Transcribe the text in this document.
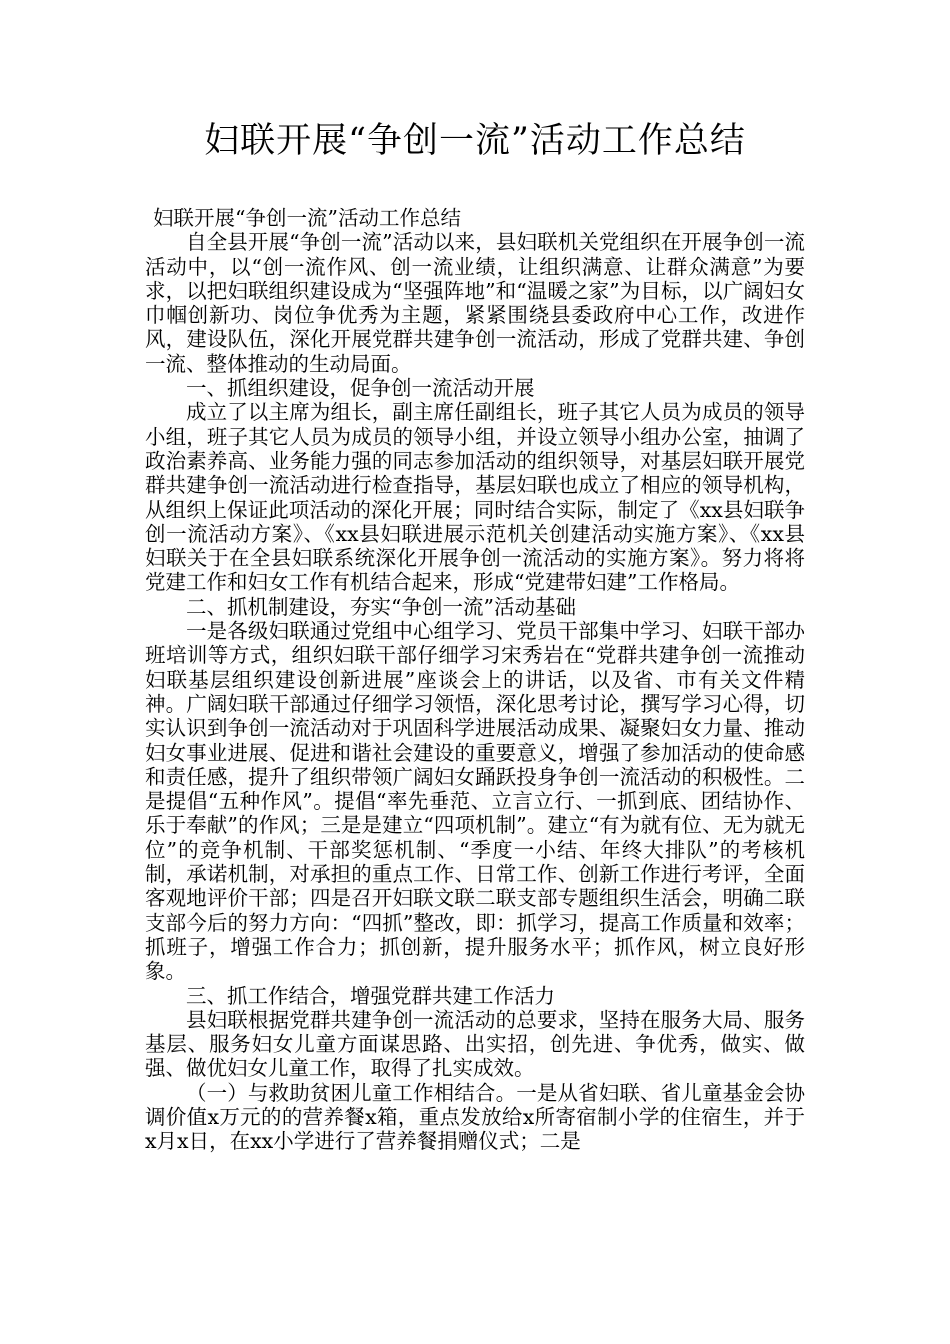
妇联开展“争创一流”活动工作总结

妇联开展“争创一流”活动工作总结

自全县开展“争创一流”活动以来，县妇联机关党组织在开展争创一流活动中，以“创一流作风、创一流业绩，让组织满意、让群众满意”为要求，以把妇联组织建设成为“坚强阵地”和“温暖之家”为目标，以广阔妇女巾帼创新功、岗位争优秀为主题，紧紧围绕县委政府中心工作，改进作风，建设队伍，深化开展党群共建争创一流活动，形成了党群共建、争创一流、整体推动的生动局面。

一、抓组织建设，促争创一流活动开展

成立了以主席为组长，副主席任副组长，班子其它人员为成员的领导小组，班子其它人员为成员的领导小组，并设立领导小组办公室，抽调了政治素养高、业务能力强的同志参加活动的组织领导，对基层妇联开展党群共建争创一流活动进行检查指导，基层妇联也成立了相应的领导机构，从组织上保证此项活动的深化开展；同时结合实际，制定了《xx县妇联争创一流活动方案》、《xx县妇联进展示范机关创建活动实施方案》、《xx县妇联关于在全县妇联系统深化开展争创一流活动的实施方案》。努力将将党建工作和妇女工作有机结合起来，形成“党建带妇建”工作格局。

二、抓机制建设，夯实“争创一流”活动基础

一是各级妇联通过党组中心组学习、党员干部集中学习、妇联干部办班培训等方式，组织妇联干部仔细学习宋秀岩在“党群共建争创一流推动妇联基层组织建设创新进展”座谈会上的讲话，以及省、市有关文件精神。广阔妇联干部通过仔细学习领悟，深化思考讨论，撰写学习心得，切实认识到争创一流活动对于巩固科学进展活动成果、凝聚妇女力量、推动妇女事业进展、促进和谐社会建设的重要意义，增强了参加活动的使命感和责任感，提升了组织带领广阔妇女踊跃投身争创一流活动的积极性。二是提倡“五种作风”。提倡“率先垂范、立言立行、一抓到底、团结协作、乐于奉献”的作风；三是是建立“四项机制”。建立“有为就有位、无为就无位”的竞争机制、干部奖惩机制、“季度一小结、年终大排队”的考核机制，承诺机制，对承担的重点工作、日常工作、创新工作进行考评，全面客观地评价干部；四是召开妇联文联二联支部专题组织生活会，明确二联支部今后的努力方向：“四抓”整改，即：抓学习，提高工作质量和效率；抓班子，增强工作合力；抓创新，提升服务水平；抓作风，树立良好形象。

三、抓工作结合，增强党群共建工作活力

县妇联根据党群共建争创一流活动的总要求，坚持在服务大局、服务基层、服务妇女儿童方面谋思路、出实招，创先进、争优秀，做实、做强、做优妇女儿童工作，取得了扎实成效。

（一）与救助贫困儿童工作相结合。一是从省妇联、省儿童基金会协调价值x万元的的营养餐x箱，重点发放给x所寄宿制小学的住宿生，并于x月x日，在xx小学进行了营养餐捐赠仪式；二是
